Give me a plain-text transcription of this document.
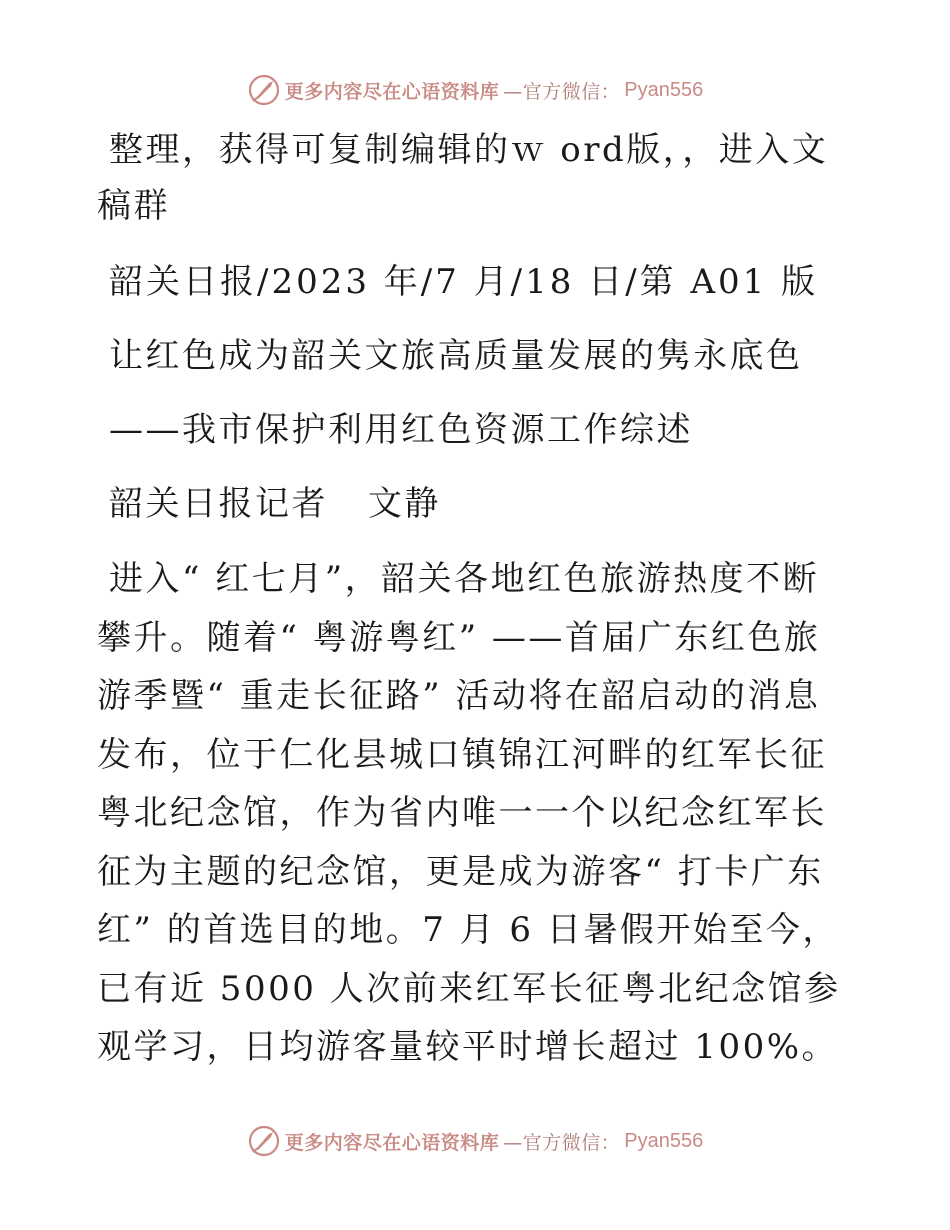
更多内容尽在心语资料库 —官方微信： Pyan556

整理，获得可复制编辑的ｗ ord版，，进入文稿群

韶关日报/2023 年/7 月/18 日/第 A01 版

让红色成为韶关文旅高质量发展的隽永底色

——我市保护利用红色资源工作综述

韶关日报记者   文静

进入“ 红七月”，韶关各地红色旅游热度不断攀升。随着“ 粤游粤红” ——首届广东红色旅游季暨“ 重走长征路” 活动将在韶启动的消息发布，位于仁化县城口镇锦江河畔的红军长征粤北纪念馆，作为省内唯一一个以纪念红军长征为主题的纪念馆，更是成为游客“ 打卡广东红” 的首选目的地。7 月 6 日暑假开始至今，已有近 5000 人次前来红军长征粤北纪念馆参观学习，日均游客量较平时增长超过 100%。

更多内容尽在心语资料库 —官方微信： Pyan556
